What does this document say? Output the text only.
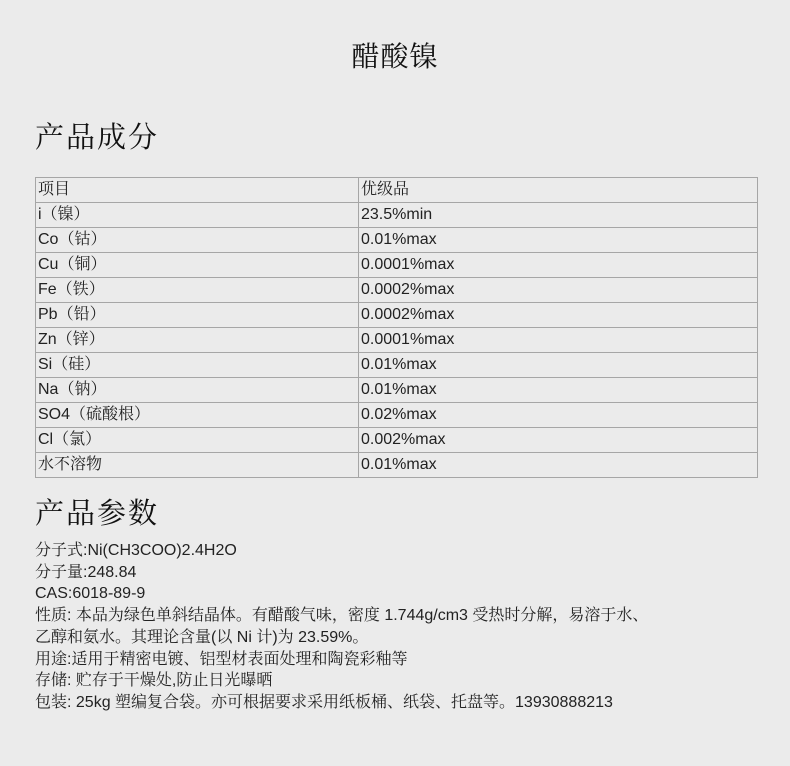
醋酸镍
产品成分
项目	优级品
i（镍）	23.5%min
Co（钴）	0.01%max
Cu（铜）	0.0001%max
Fe（铁）	0.0002%max
Pb（铅）	0.0002%max
Zn（锌）	0.0001%max
Si（硅）	0.01%max
Na（钠）	0.01%max
SO4（硫酸根）	0.02%max
Cl（氯）	0.002%max
水不溶物	0.01%max
产品参数
分子式:Ni(CH3COO)2.4H2O
分子量:248.84
CAS:6018-89-9
性质: 本品为绿色单斜结晶体。有醋酸气味，密度 1.744g/cm3 受热时分解，易溶于水、
乙醇和氨水。其理论含量(以 Ni 计)为 23.59%。
用途:适用于精密电镀、铝型材表面处理和陶瓷彩釉等
存储: 贮存于干燥处,防止日光曝晒
包装: 25kg 塑编复合袋。亦可根据要求采用纸板桶、纸袋、托盘等。13930888213
